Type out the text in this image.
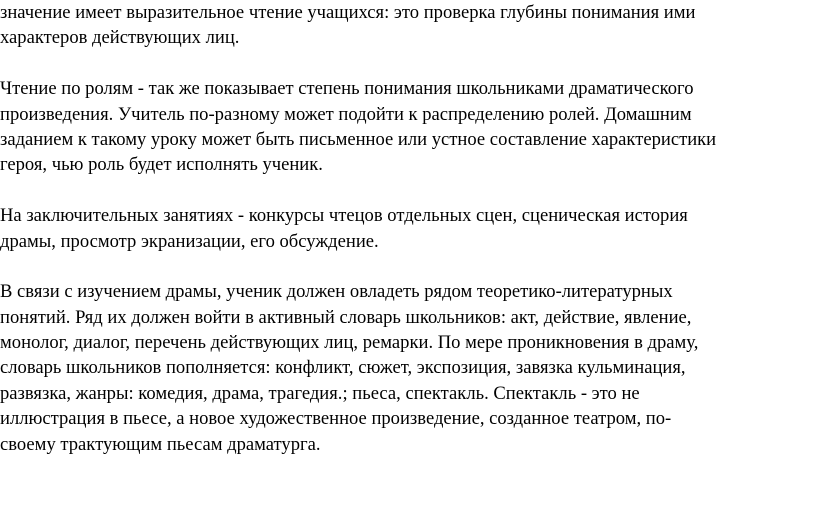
значение имеет выразительное чтение учащихся: это проверка глубины понимания ими
характеров действующих лиц.

Чтение по ролям - так же показывает степень понимания школьниками драматического
произведения. Учитель по-разному может подойти к распределению ролей. Домашним
заданием к такому уроку может быть письменное или устное составление характеристики
героя, чью роль будет исполнять ученик.

На заключительных занятиях - конкурсы чтецов отдельных сцен, сценическая история
драмы, просмотр экранизации, его обсуждение.

В связи с изучением драмы, ученик должен овладеть рядом теоретико-литературных
понятий. Ряд их должен войти в активный словарь школьников: акт, действие, явление,
монолог, диалог, перечень действующих лиц, ремарки. По мере проникновения в драму,
словарь школьников пополняется: конфликт, сюжет, экспозиция, завязка кульминация,
развязка, жанры: комедия, драма, трагедия.; пьеса, спектакль. Спектакль - это не
иллюстрация в пьесе, а новое художественное произведение, созданное театром, по-
своему трактующим пьесам драматурга.
